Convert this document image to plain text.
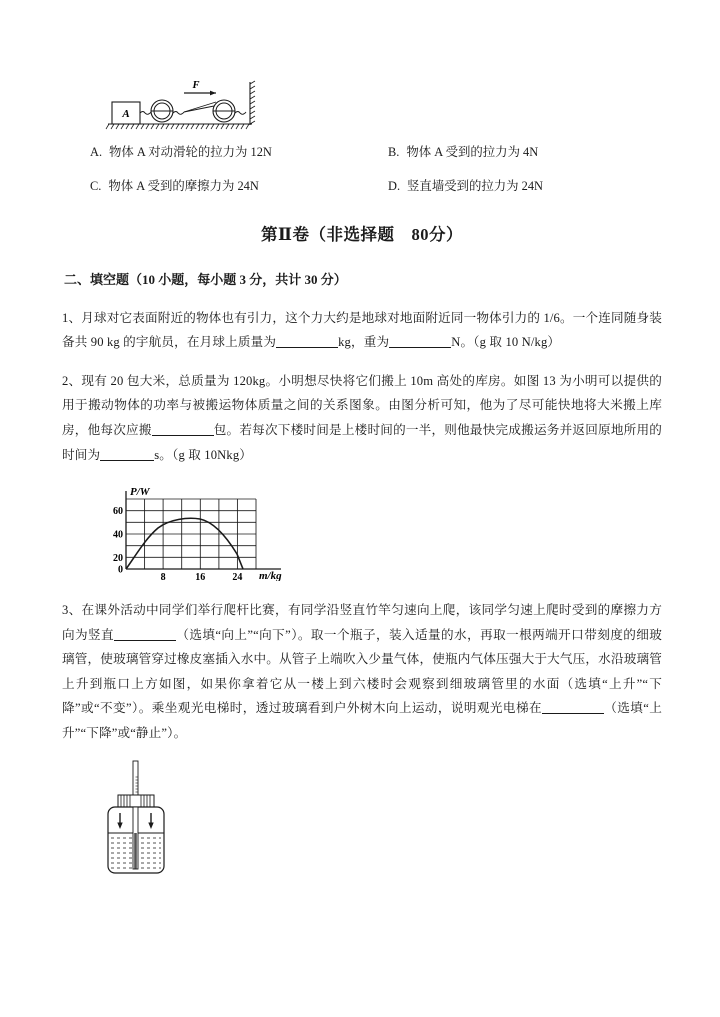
A
F
A. 物体 A 对动滑轮的拉力为 12N	B. 物体 A 受到的拉力为 4N
C. 物体 A 受到的摩擦力为 24N	D. 竖直墙受到的拉力为 24N
第Ⅱ卷（非选择题　80分）
二、填空题（10 小题，每小题 3 分，共计 30 分）

1、月球对它表面附近的物体也有引力，这个力大约是地球对地面附近同一物体引力的 1/6。一个连同随身装备共 90 kg 的宇航员，在月球上质量为	kg，重为	N。（g 取 10 N/kg）

2、现有 20 包大米，总质量为 120kg。小明想尽快将它们搬上 10m 高处的库房。如图 13 为小明可以提供的用于搬动物体的功率与被搬运物体质量之间的关系图象。由图分析可知，他为了尽可能快地将大米搬上库房，他每次应搬	包。若每次下楼时间是上楼时间的一半，则他最快完成搬运务并返回原地所用的时间为	s。（g 取 10Nkg）

0
20
40
60
8	16	24
P/W
m/kg

3、在课外活动中同学们举行爬杆比赛，有同学沿竖直竹竿匀速向上爬，该同学匀速上爬时受到的摩擦力方向为竖直	（选填“向上”“向下”）。取一个瓶子，装入适量的水，再取一根两端开口带刻度的细玻璃管，使玻璃管穿过橡皮塞插入水中。从管子上端吹入少量气体，使瓶内气体压强大于大气压，水沿玻璃管上升到瓶口上方如图，如果你拿着它从一楼上到六楼时会观察到细玻璃管里的水面（选填“上升”“下降”或“不变”）。乘坐观光电梯时，透过玻璃看到户外树木向上运动，说明观光电梯在	（选填“上升”“下降”或“静止”）。
